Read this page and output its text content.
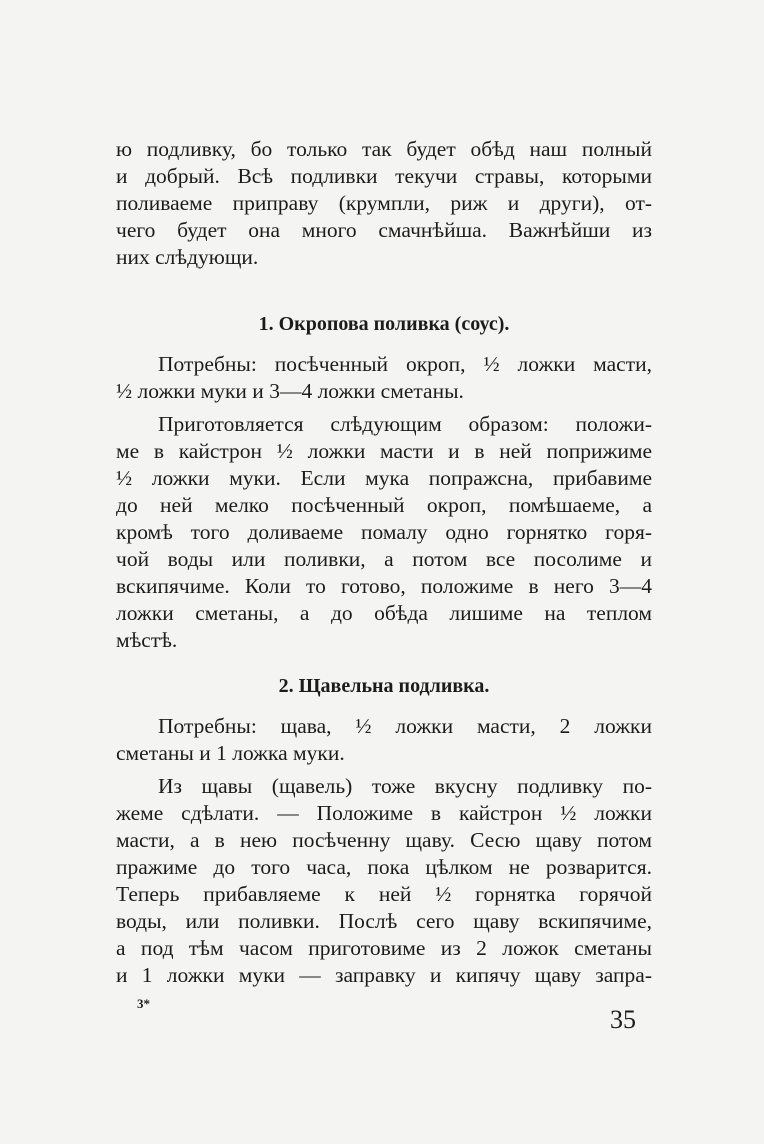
ю подливку, бо только так будет обѣд наш полный
и добрый. Всѣ подливки текучи стравы, которыми
поливаеме приправу (крумпли, риж и други), от-
чего будет она много смачнѣйша. Важнѣйши из
них слѣдующи.
1. Окропова поливка (соус).
Потребны: посѣченный окроп, ½ ложки масти,
½ ложки муки и 3—4 ложки сметаны.
Приготовляется слѣдующим образом: положи-
ме в кайстрон ½ ложки масти и в ней поприжиме
½ ложки муки. Если мука попражсна, прибавиме
до ней мелко посѣченный окроп, помѣшаеме, а
кромѣ того доливаеме помалу одно горнятко горя-
чой воды или поливки, а потом все посолиме и
вскипячиме. Коли то готово, положиме в него 3—4
ложки сметаны, а до обѣда лишиме на теплом
мѣстѣ.
2. Щавельна подливка.
Потребны: щава, ½ ложки масти, 2 ложки
сметаны и 1 ложка муки.
Из щавы (щавель) тоже вкусну подливку по-
жеме сдѣлати. — Положиме в кайстрон ½ ложки
масти, а в нею посѣченну щаву. Сесю щаву потом
пражиме до того часа, пока цѣлком не розварится.
Теперь прибавляеме к ней ½ горнятка горячой
воды, или поливки. Послѣ сего щаву вскипячиме,
а под тѣм часом приготовиме из 2 ложок сметаны
и 1 ложки муки — заправку и кипячу щаву запра-
3*
35
